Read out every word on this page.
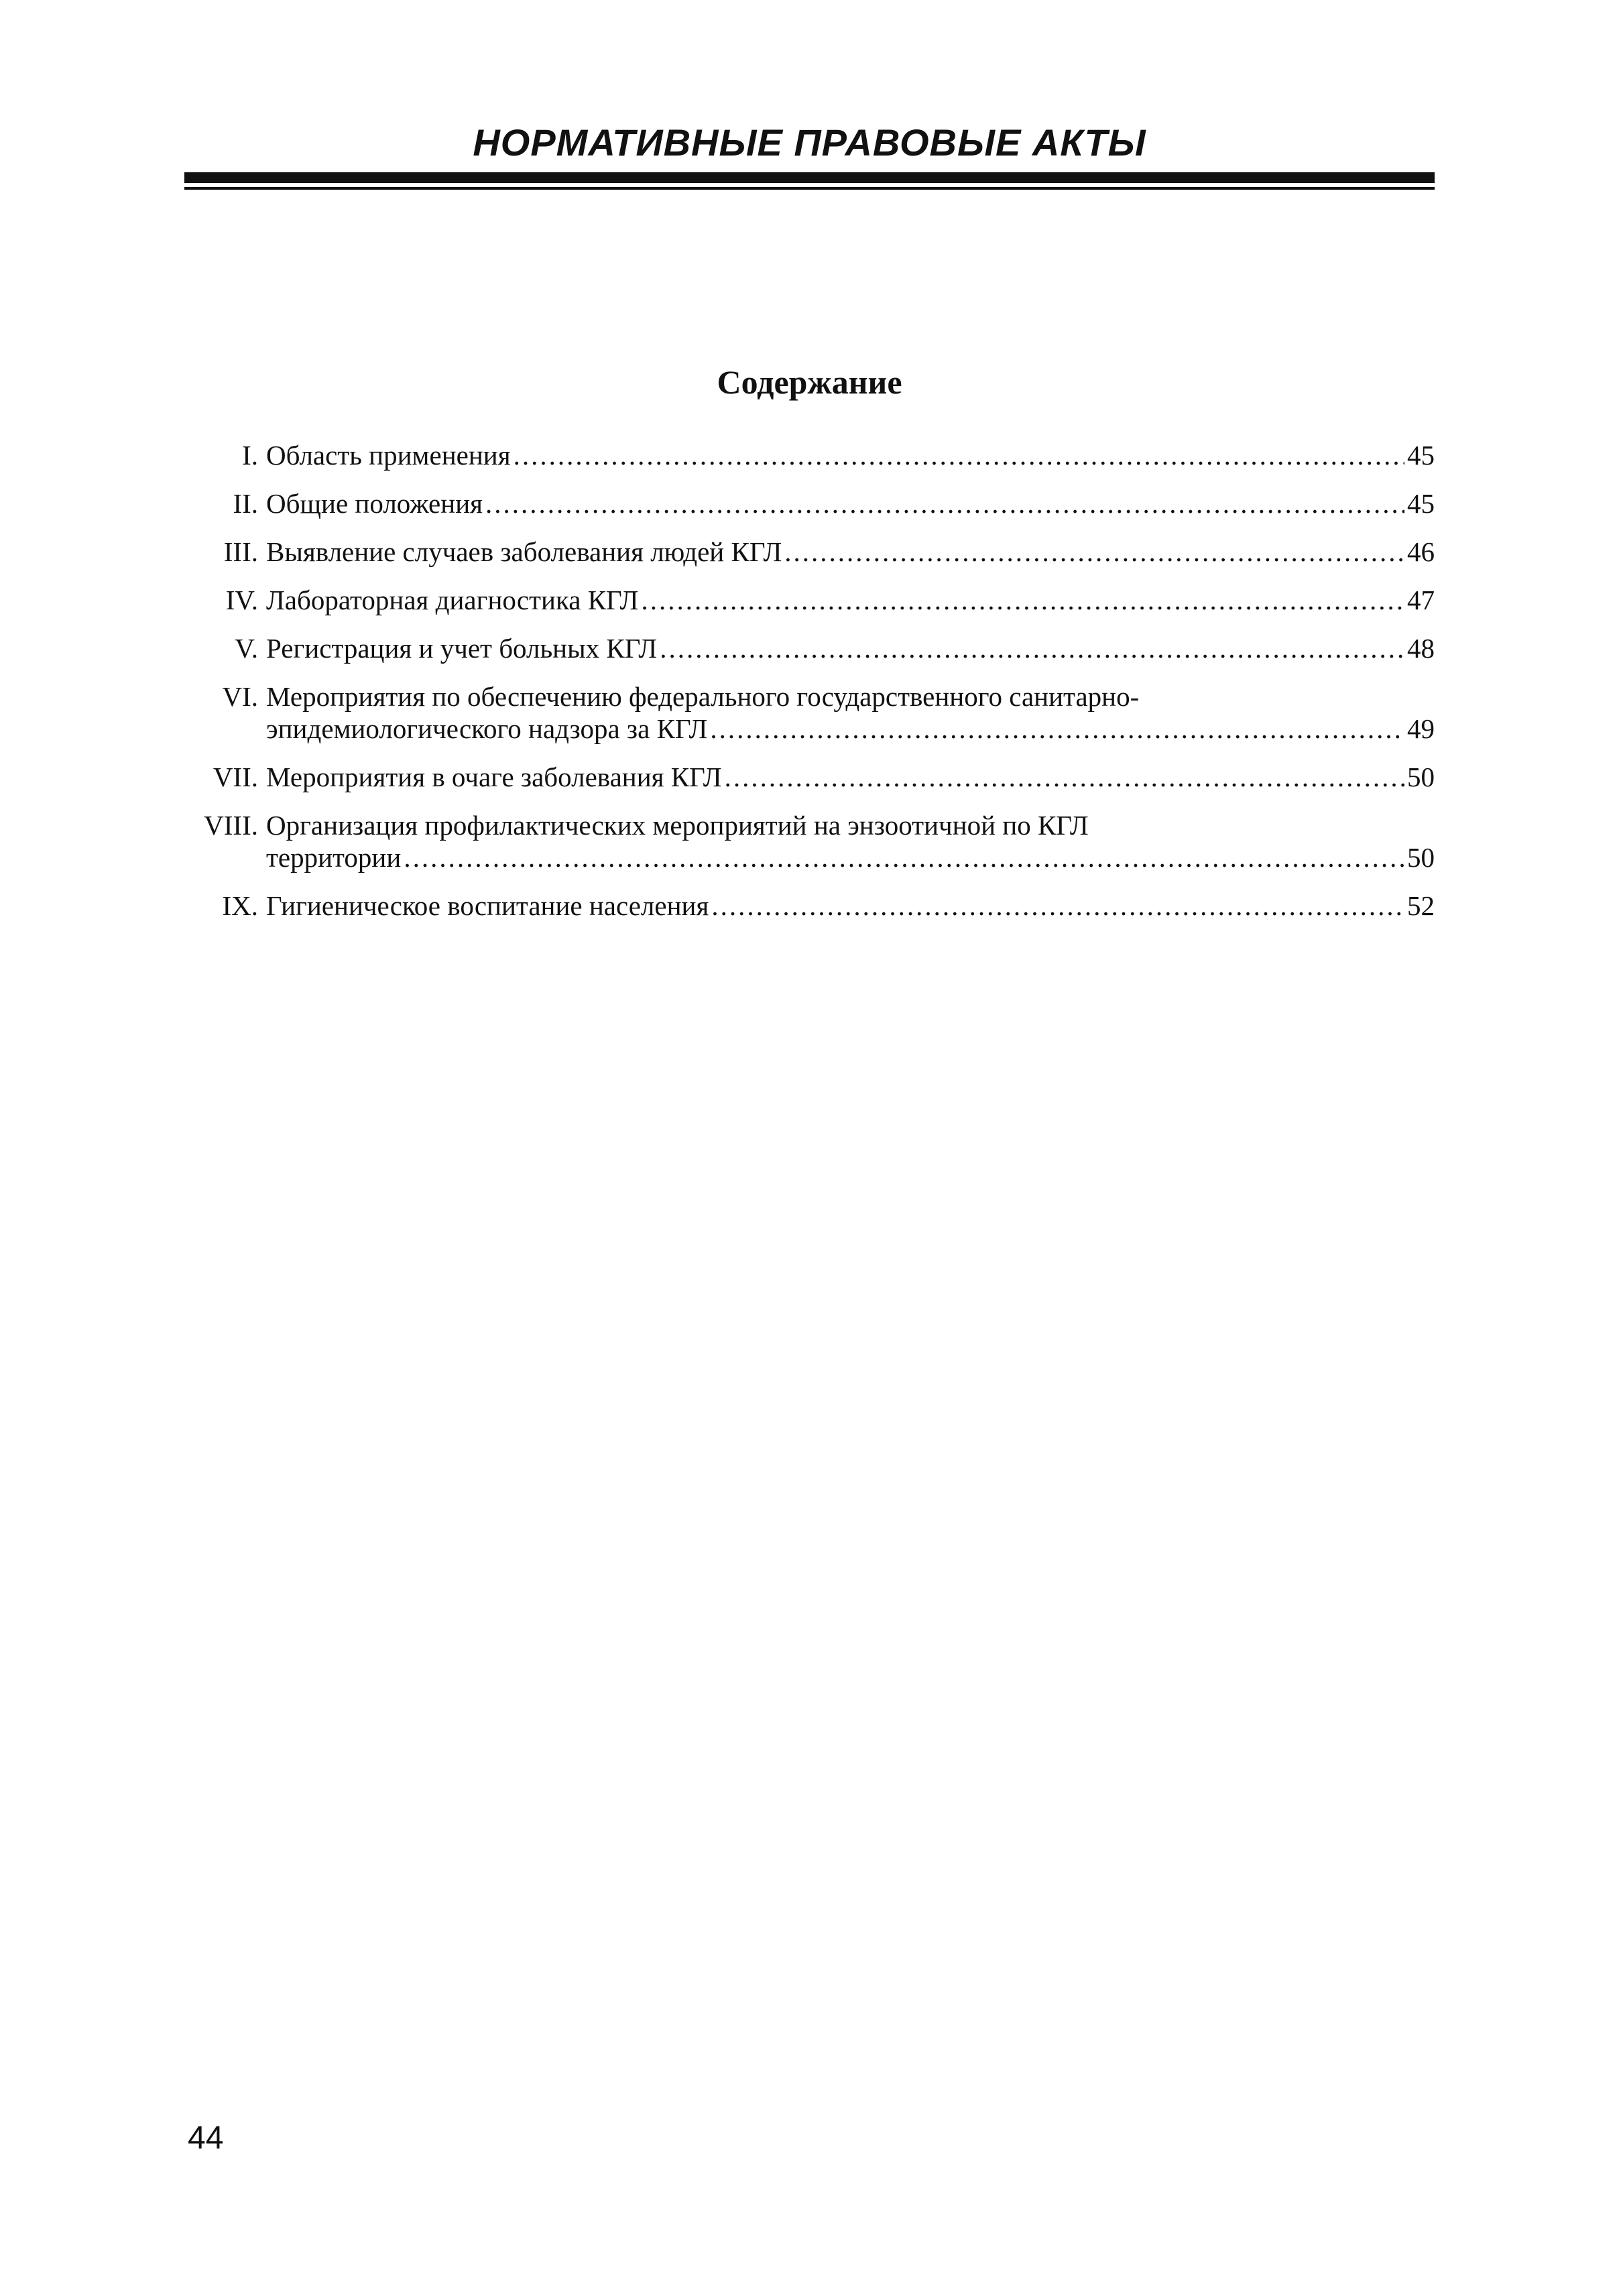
НОРМАТИВНЫЕ ПРАВОВЫЕ АКТЫ
Содержание
I. Область применения .....	45
II. Общие положения .....	45
III. Выявление случаев заболевания людей КГЛ .....	46
IV. Лабораторная диагностика КГЛ .....	47
V. Регистрация и учет больных КГЛ .....	48
VI. Мероприятия по обеспечению федерального государственного санитарно-
эпидемиологического надзора за КГЛ .....	49
VII. Мероприятия в очаге заболевания КГЛ .....	50
VIII. Организация профилактических мероприятий на энзоотичной по КГЛ
территории .....	50
IX. Гигиеническое воспитание населения .....	52
44
